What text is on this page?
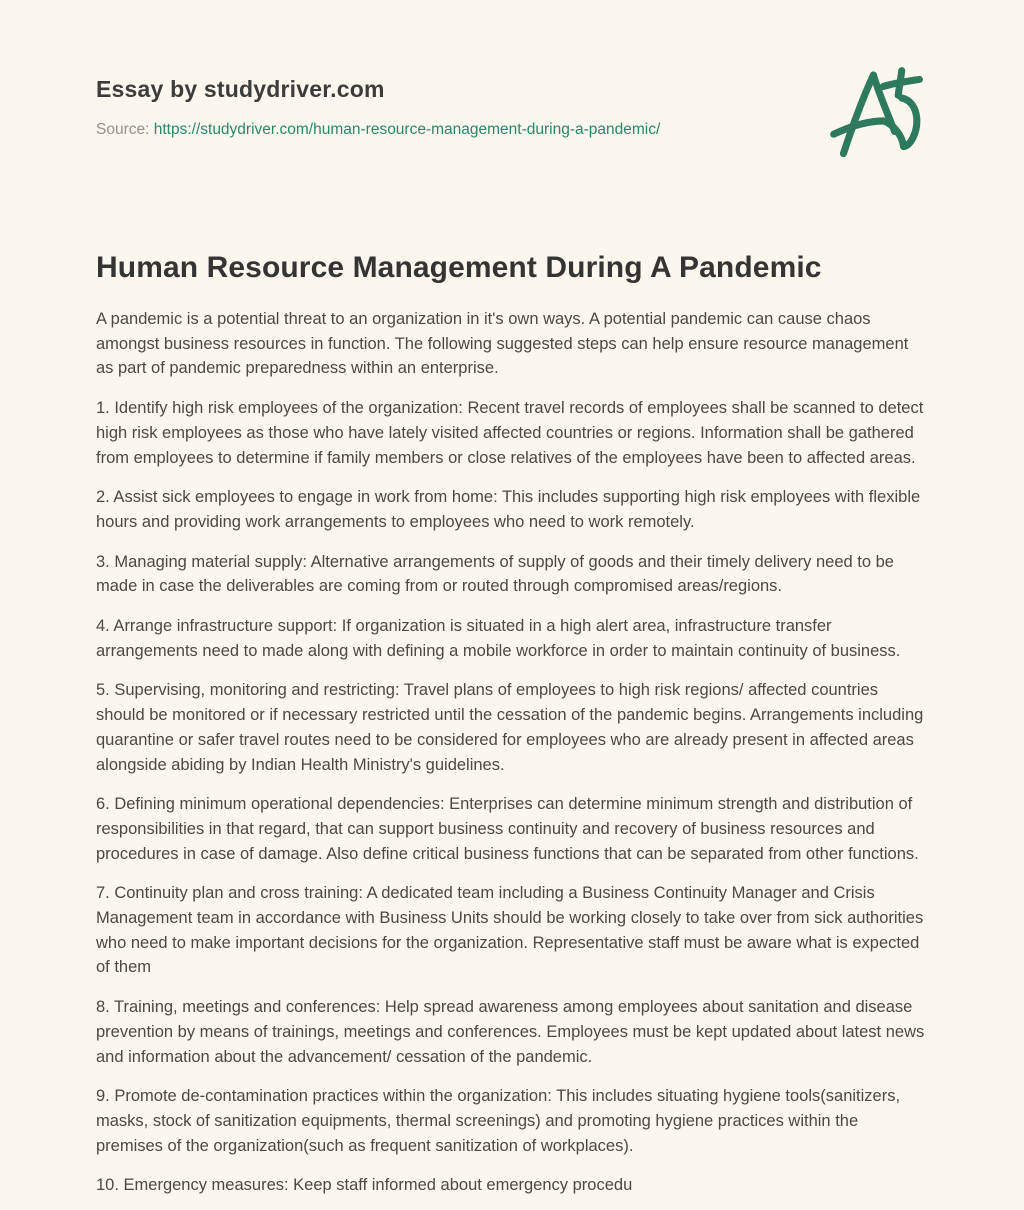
Essay by studydriver.com

Source: https://studydriver.com/human-resource-management-during-a-pandemic/

Human Resource Management During A Pandemic

A pandemic is a potential threat to an organization in it's own ways. A potential pandemic can cause chaos amongst business resources in function. The following suggested steps can help ensure resource management as part of pandemic preparedness within an enterprise.

1. Identify high risk employees of the organization: Recent travel records of employees shall be scanned to detect high risk employees as those who have lately visited affected countries or regions. Information shall be gathered from employees to determine if family members or close relatives of the employees have been to affected areas.

2. Assist sick employees to engage in work from home: This includes supporting high risk employees with flexible hours and providing work arrangements to employees who need to work remotely.

3. Managing material supply: Alternative arrangements of supply of goods and their timely delivery need to be made in case the deliverables are coming from or routed through compromised areas/regions.

4. Arrange infrastructure support: If organization is situated in a high alert area, infrastructure transfer arrangements need to made along with defining a mobile workforce in order to maintain continuity of business.

5. Supervising, monitoring and restricting: Travel plans of employees to high risk regions/ affected countries should be monitored or if necessary restricted until the cessation of the pandemic begins. Arrangements including quarantine or safer travel routes need to be considered for employees who are already present in affected areas alongside abiding by Indian Health Ministry's guidelines.

6. Defining minimum operational dependencies: Enterprises can determine minimum strength and distribution of responsibilities in that regard, that can support business continuity and recovery of business resources and procedures in case of damage. Also define critical business functions that can be separated from other functions.

7. Continuity plan and cross training: A dedicated team including a Business Continuity Manager and Crisis Management team in accordance with Business Units should be working closely to take over from sick authorities who need to make important decisions for the organization. Representative staff must be aware what is expected of them

8. Training, meetings and conferences: Help spread awareness among employees about sanitation and disease prevention by means of trainings, meetings and conferences. Employees must be kept updated about latest news and information about the advancement/ cessation of the pandemic.

9. Promote de-contamination practices within the organization: This includes situating hygiene tools(sanitizers, masks, stock of sanitization equipments, thermal screenings) and promoting hygiene practices within the premises of the organization(such as frequent sanitization of workplaces).

10. Emergency measures: Keep staff informed about emergency procedu
